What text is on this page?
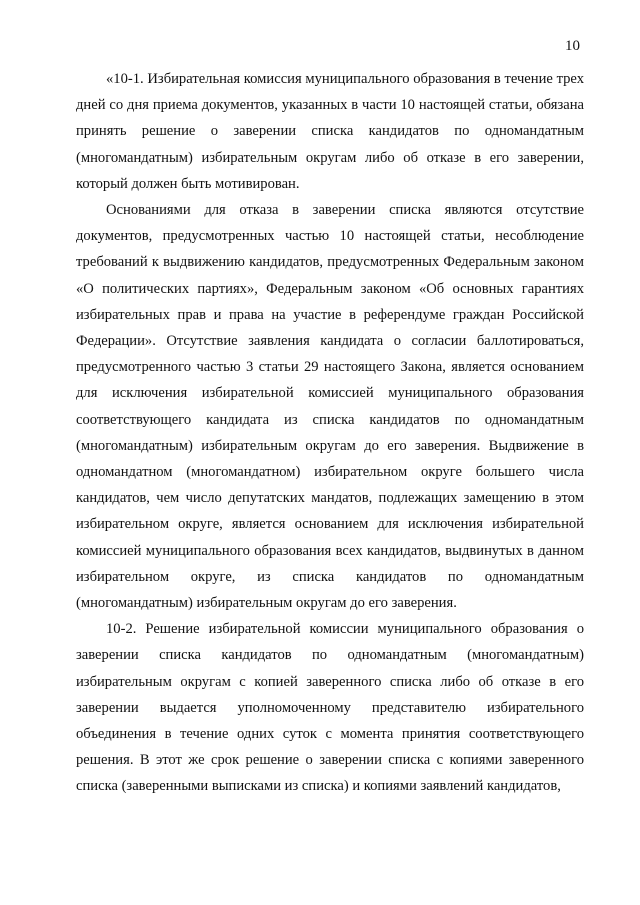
10

«10-1. Избирательная комиссия муниципального образования в течение трех дней со дня приема документов, указанных в части 10 настоящей статьи, обязана принять решение о заверении списка кандидатов по одномандатным (многомандатным) избирательным округам либо об отказе в его заверении, который должен быть мотивирован.

Основаниями для отказа в заверении списка являются отсутствие документов, предусмотренных частью 10 настоящей статьи, несоблюдение требований к выдвижению кандидатов, предусмотренных Федеральным законом «О политических партиях», Федеральным законом «Об основных гарантиях избирательных прав и права на участие в референдуме граждан Российской Федерации». Отсутствие заявления кандидата о согласии баллотироваться, предусмотренного частью 3 статьи 29 настоящего Закона, является основанием для исключения избирательной комиссией муниципального образования соответствующего кандидата из списка кандидатов по одномандатным (многомандатным) избирательным округам до его заверения. Выдвижение в одномандатном (многомандатном) избирательном округе большего числа кандидатов, чем число депутатских мандатов, подлежащих замещению в этом избирательном округе, является основанием для исключения избирательной комиссией муниципального образования всех кандидатов, выдвинутых в данном избирательном округе, из списка кандидатов по одномандатным (многомандатным) избирательным округам до его заверения.

10-2. Решение избирательной комиссии муниципального образования о заверении списка кандидатов по одномандатным (многомандатным) избирательным округам с копией заверенного списка либо об отказе в его заверении выдается уполномоченному представителю избирательного объединения в течение одних суток с момента принятия соответствующего решения. В этот же срок решение о заверении списка с копиями заверенного списка (заверенными выписками из списка) и копиями заявлений кандидатов,
